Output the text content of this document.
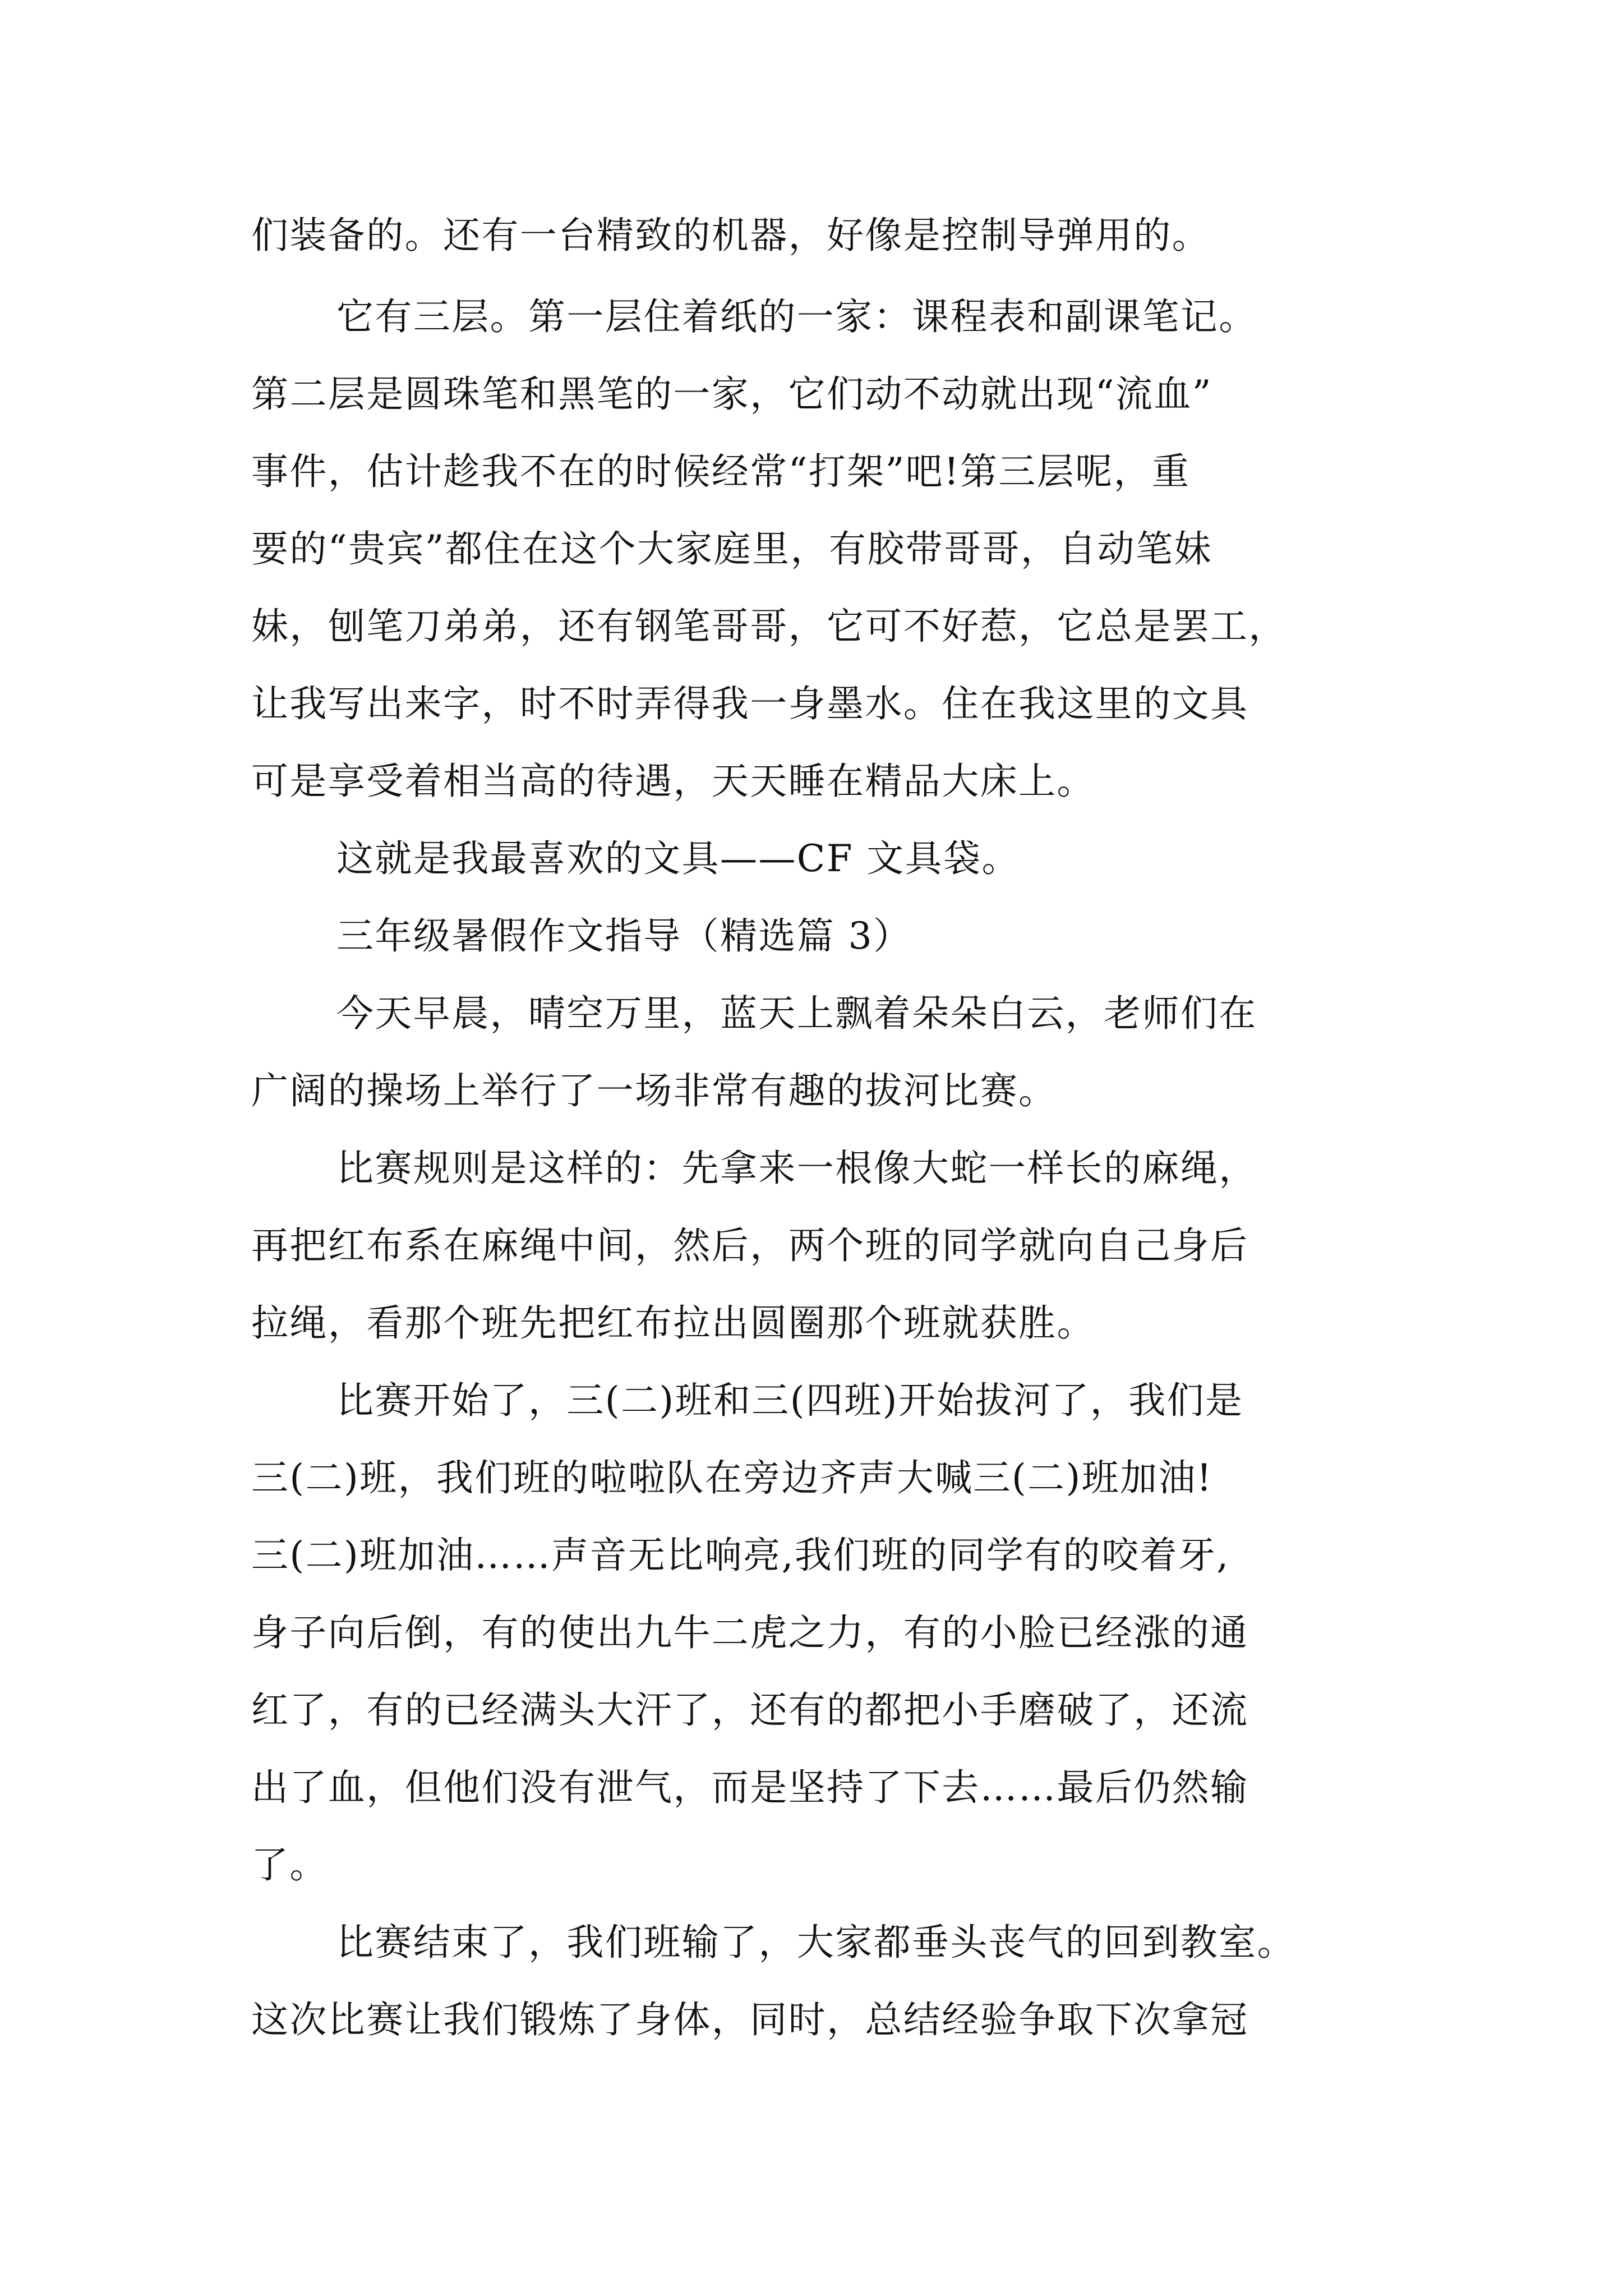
们装备的。还有一台精致的机器，好像是控制导弹用的。

它有三层。第一层住着纸的一家：课程表和副课笔记。

第二层是圆珠笔和黑笔的一家，它们动不动就出现“流血”

事件，估计趁我不在的时候经常“打架”吧!第三层呢，重

要的“贵宾”都住在这个大家庭里，有胶带哥哥，自动笔妹

妹，刨笔刀弟弟，还有钢笔哥哥，它可不好惹，它总是罢工，

让我写出来字，时不时弄得我一身墨水。住在我这里的文具

可是享受着相当高的待遇，天天睡在精品大床上。

这就是我最喜欢的文具——CF 文具袋。

三年级暑假作文指导（精选篇 3）

今天早晨，晴空万里，蓝天上飘着朵朵白云，老师们在

广阔的操场上举行了一场非常有趣的拔河比赛。

比赛规则是这样的：先拿来一根像大蛇一样长的麻绳，

再把红布系在麻绳中间，然后，两个班的同学就向自己身后

拉绳，看那个班先把红布拉出圆圈那个班就获胜。

比赛开始了，三(二)班和三(四班)开始拔河了，我们是

三(二)班，我们班的啦啦队在旁边齐声大喊三(二)班加油!

三(二)班加油……声音无比响亮,我们班的同学有的咬着牙,

身子向后倒，有的使出九牛二虎之力，有的小脸已经涨的通

红了，有的已经满头大汗了，还有的都把小手磨破了，还流

出了血，但他们没有泄气，而是坚持了下去……最后仍然输

了。

比赛结束了，我们班输了，大家都垂头丧气的回到教室。

这次比赛让我们锻炼了身体，同时，总结经验争取下次拿冠
